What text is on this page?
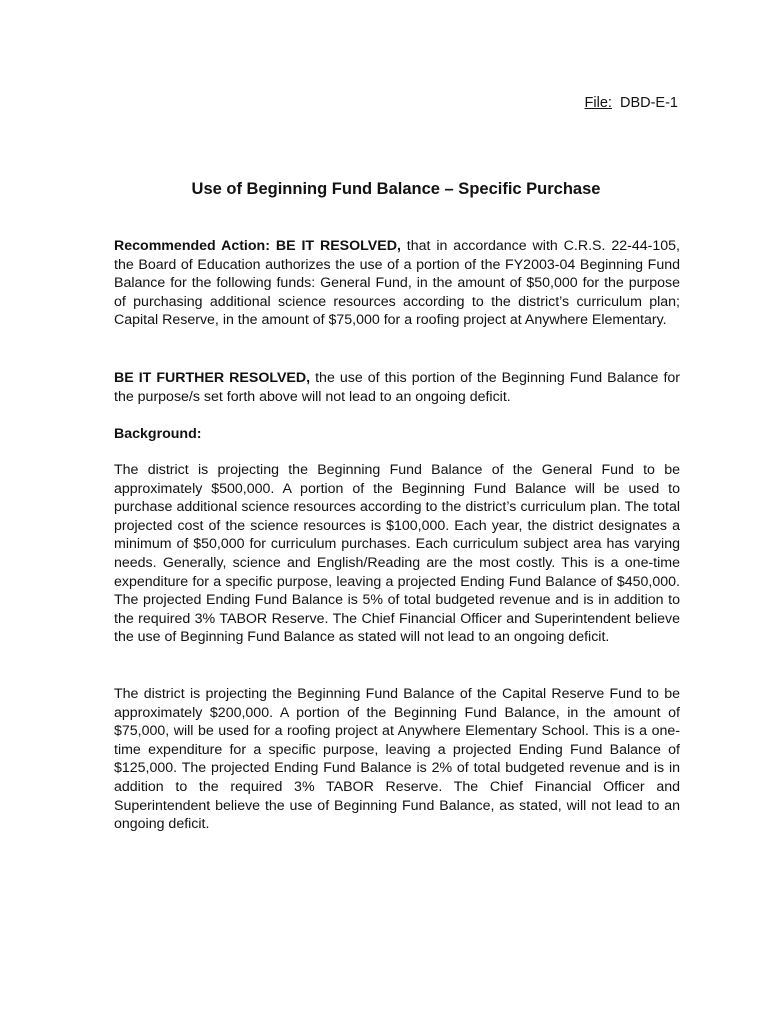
File: DBD-E-1
Use of Beginning Fund Balance – Specific Purchase

Recommended Action: BE IT RESOLVED, that in accordance with C.R.S. 22-44-105, the Board of Education authorizes the use of a portion of the FY2003-04 Beginning Fund Balance for the following funds: General Fund, in the amount of $50,000 for the purpose of purchasing additional science resources according to the district’s curriculum plan; Capital Reserve, in the amount of $75,000 for a roofing project at Anywhere Elementary.

BE IT FURTHER RESOLVED, the use of this portion of the Beginning Fund Balance for the purpose/s set forth above will not lead to an ongoing deficit.

Background:

The district is projecting the Beginning Fund Balance of the General Fund to be approximately $500,000. A portion of the Beginning Fund Balance will be used to purchase additional science resources according to the district’s curriculum plan. The total projected cost of the science resources is $100,000. Each year, the district designates a minimum of $50,000 for curriculum purchases. Each curriculum subject area has varying needs. Generally, science and English/Reading are the most costly. This is a one-time expenditure for a specific purpose, leaving a projected Ending Fund Balance of $450,000. The projected Ending Fund Balance is 5% of total budgeted revenue and is in addition to the required 3% TABOR Reserve. The Chief Financial Officer and Superintendent believe the use of Beginning Fund Balance as stated will not lead to an ongoing deficit.

The district is projecting the Beginning Fund Balance of the Capital Reserve Fund to be approximately $200,000. A portion of the Beginning Fund Balance, in the amount of $75,000, will be used for a roofing project at Anywhere Elementary School. This is a one-time expenditure for a specific purpose, leaving a projected Ending Fund Balance of $125,000. The projected Ending Fund Balance is 2% of total budgeted revenue and is in addition to the required 3% TABOR Reserve. The Chief Financial Officer and Superintendent believe the use of Beginning Fund Balance, as stated, will not lead to an ongoing deficit.
